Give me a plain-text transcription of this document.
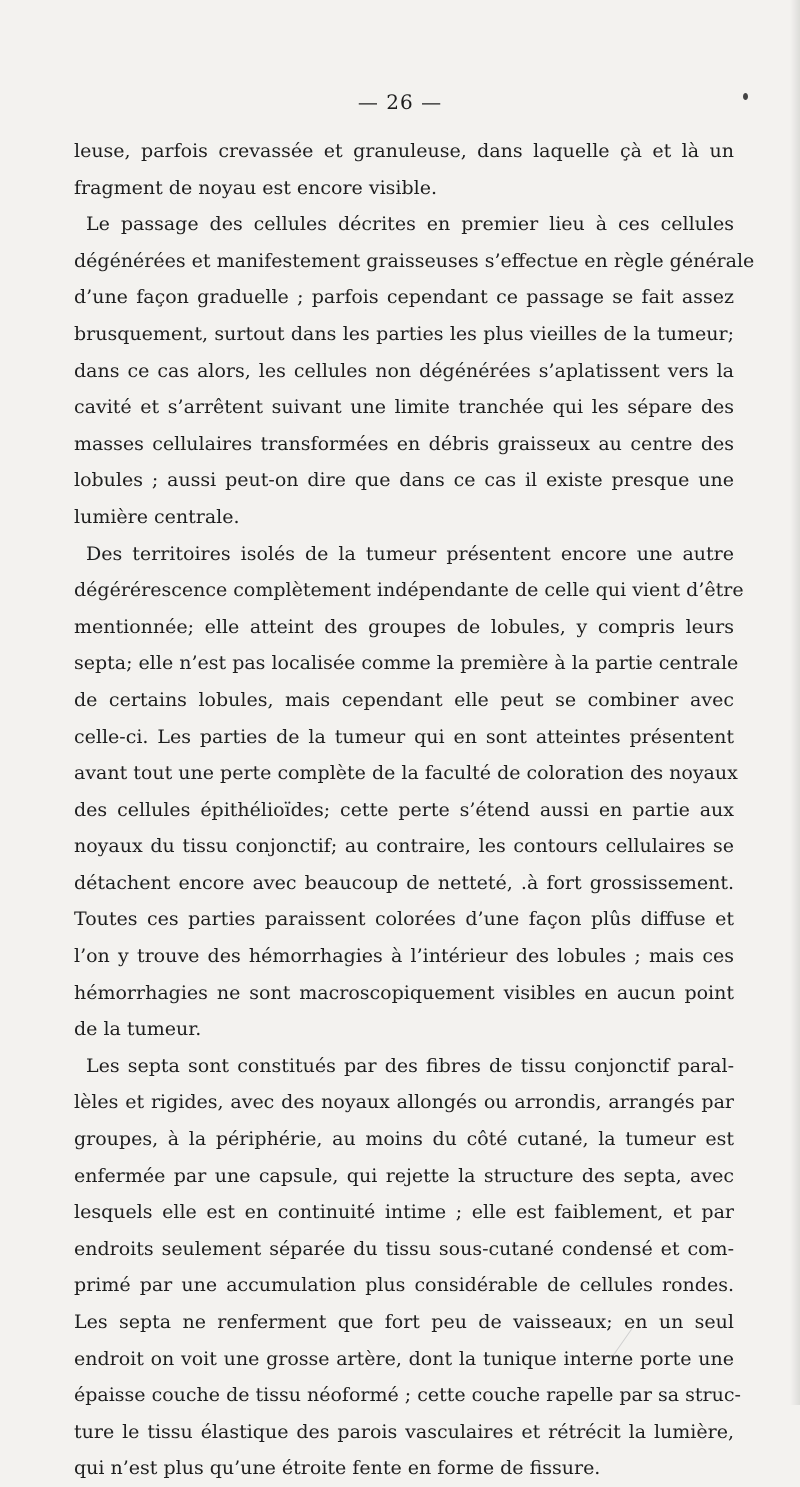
— 26 —
leuse, parfois crevassée et granuleuse, dans laquelle çà et là un
fragment de noyau est encore visible.
Le passage des cellules décrites en premier lieu à ces cellules
dégénérées et manifestement graisseuses s’effectue en règle générale
d’une façon graduelle ; parfois cependant ce passage se fait assez
brusquement, surtout dans les parties les plus vieilles de la tumeur;
dans ce cas alors, les cellules non dégénérées s’aplatissent vers la
cavité et s’arrêtent suivant une limite tranchée qui les sépare des
masses cellulaires transformées en débris graisseux au centre des
lobules ; aussi peut-on dire que dans ce cas il existe presque une
lumière centrale.
Des territoires isolés de la tumeur présentent encore une autre
dégérérescence complètement indépendante de celle qui vient d’être
mentionnée; elle atteint des groupes de lobules, y compris leurs
septa; elle n’est pas localisée comme la première à la partie centrale
de certains lobules, mais cependant elle peut se combiner avec
celle-ci. Les parties de la tumeur qui en sont atteintes présentent
avant tout une perte complète de la faculté de coloration des noyaux
des cellules épithélioïdes; cette perte s’étend aussi en partie aux
noyaux du tissu conjonctif; au contraire, les contours cellulaires se
détachent encore avec beaucoup de netteté, .à fort grossissement.
Toutes ces parties paraissent colorées d’une façon plûs diffuse et
l’on y trouve des hémorrhagies à l’intérieur des lobules ; mais ces
hémorrhagies ne sont macroscopiquement visibles en aucun point
de la tumeur.
Les septa sont constitués par des fibres de tissu conjonctif paral-
lèles et rigides, avec des noyaux allongés ou arrondis, arrangés par
groupes, à la périphérie, au moins du côté cutané, la tumeur est
enfermée par une capsule, qui rejette la structure des septa, avec
lesquels elle est en continuité intime ; elle est faiblement, et par
endroits seulement séparée du tissu sous-cutané condensé et com-
primé par une accumulation plus considérable de cellules rondes.
Les septa ne renferment que fort peu de vaisseaux; en un seul
endroit on voit une grosse artère, dont la tunique interne porte une
épaisse couche de tissu néoformé ; cette couche rapelle par sa struc-
ture le tissu élastique des parois vasculaires et rétrécit la lumière,
qui n’est plus qu’une étroite fente en forme de fissure.
